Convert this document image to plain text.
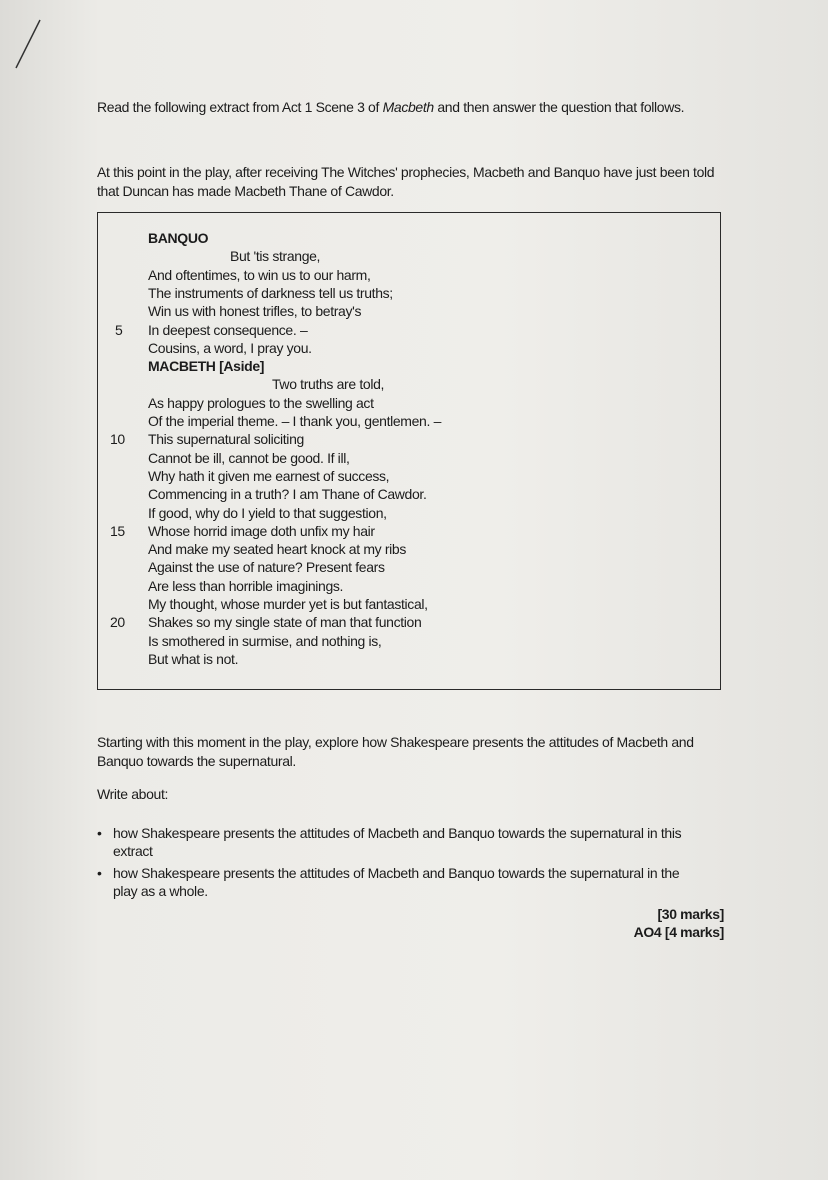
Read the following extract from Act 1 Scene 3 of Macbeth and then answer the question that follows.
At this point in the play, after receiving The Witches' prophecies, Macbeth and Banquo have just been told that Duncan has made Macbeth Thane of Cawdor.
BANQUO
But 'tis strange,
And oftentimes, to win us to our harm,
The instruments of darkness tell us truths;
Win us with honest trifles, to betray's
In deepest consequence. –
5
Cousins, a word, I pray you.
MACBETH [Aside]
Two truths are told,
As happy prologues to the swelling act
Of the imperial theme. – I thank you, gentlemen. –
This supernatural soliciting
10
Cannot be ill, cannot be good. If ill,
Why hath it given me earnest of success,
Commencing in a truth? I am Thane of Cawdor.
If good, why do I yield to that suggestion,
Whose horrid image doth unfix my hair
15
And make my seated heart knock at my ribs
Against the use of nature? Present fears
Are less than horrible imaginings.
My thought, whose murder yet is but fantastical,
Shakes so my single state of man that function
20
Is smothered in surmise, and nothing is,
But what is not.
Starting with this moment in the play, explore how Shakespeare presents the attitudes of Macbeth and Banquo towards the supernatural.
Write about:
• how Shakespeare presents the attitudes of Macbeth and Banquo towards the supernatural in this extract
• how Shakespeare presents the attitudes of Macbeth and Banquo towards the supernatural in the play as a whole.
[30 marks]
AO4 [4 marks]
